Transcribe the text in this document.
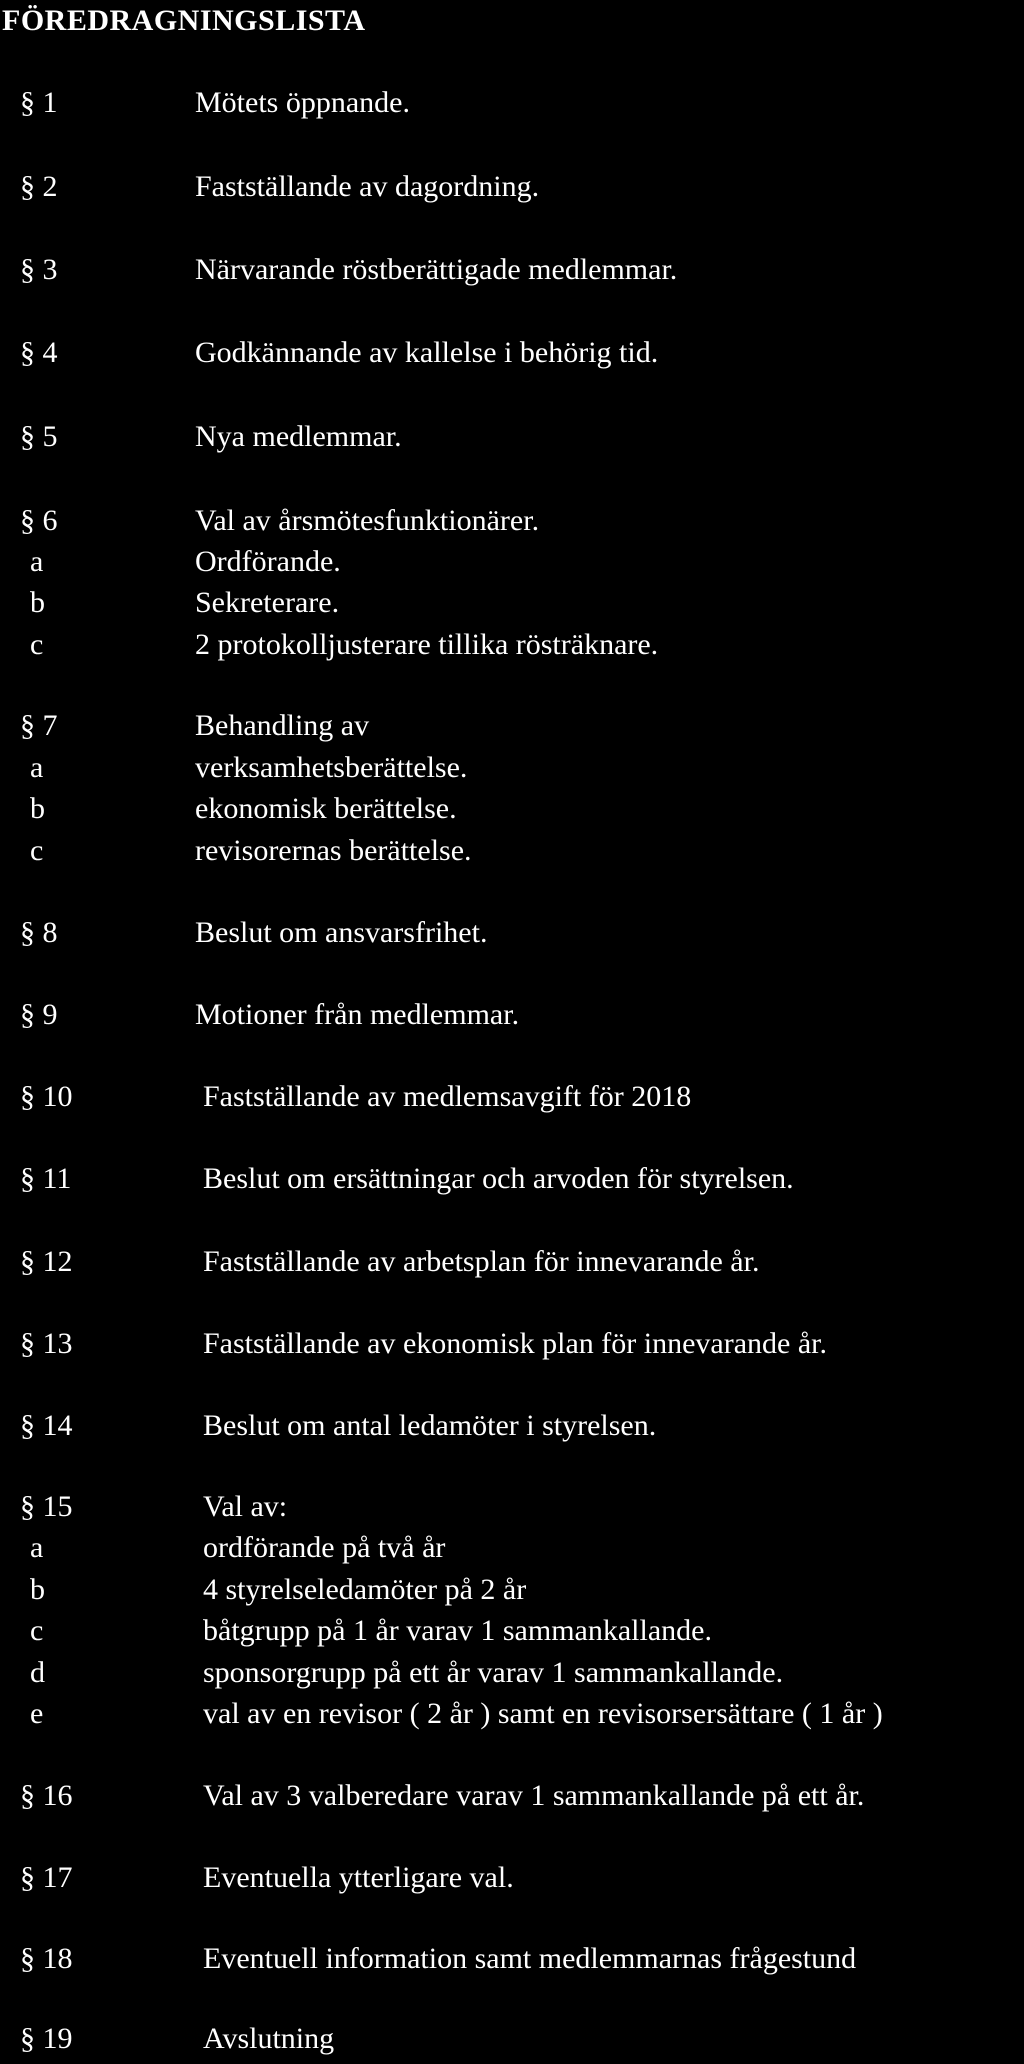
FÖREDRAGNINGSLISTA
§ 1	Mötets öppnande.
§ 2	Fastställande av dagordning.
§ 3	Närvarande röstberättigade medlemmar.
§ 4	Godkännande av kallelse i behörig tid.
§ 5	Nya medlemmar.
§ 6	Val av årsmötesfunktionärer.
a	Ordförande.
b	Sekreterare.
c	2 protokolljusterare tillika rösträknare.
§ 7	Behandling av
a	verksamhetsberättelse.
b	ekonomisk berättelse.
c	revisorernas berättelse.
§ 8	Beslut om ansvarsfrihet.
§ 9	Motioner från medlemmar.
§ 10	Fastställande av medlemsavgift för 2018
§ 11	Beslut om ersättningar och arvoden för styrelsen.
§ 12	Fastställande av arbetsplan för innevarande år.
§ 13	Fastställande av ekonomisk plan för innevarande år.
§ 14	Beslut om antal ledamöter i styrelsen.
§ 15	Val av:
a	ordförande på två år
b	4 styrelseledamöter på 2 år
c	båtgrupp på 1 år varav 1 sammankallande.
d	sponsorgrupp på ett år varav 1 sammankallande.
e	val av en revisor ( 2 år ) samt en revisorsersättare ( 1 år )
§ 16	Val av 3 valberedare varav 1 sammankallande på ett år.
§ 17	Eventuella ytterligare val.
§ 18	Eventuell information samt medlemmarnas frågestund
§ 19	Avslutning
